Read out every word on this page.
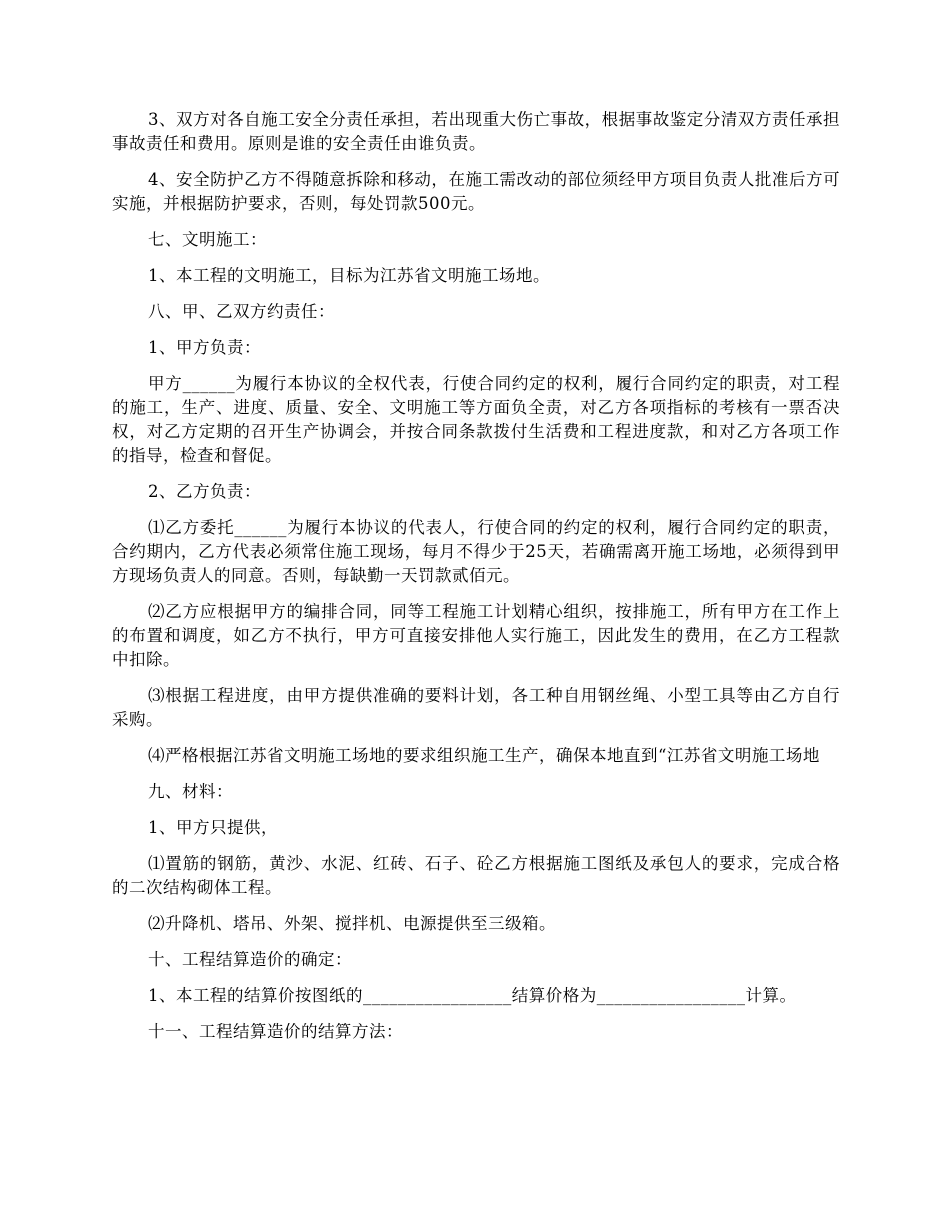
3、双方对各自施工安全分责任承担，若出现重大伤亡事故，根据事故鉴定分清双方责任承担事故责任和费用。原则是谁的安全责任由谁负责。

4、安全防护乙方不得随意拆除和移动，在施工需改动的部位须经甲方项目负责人批准后方可实施，并根据防护要求，否则，每处罚款500元。

七、文明施工：

1、本工程的文明施工，目标为江苏省文明施工场地。

八、甲、乙双方约责任：

1、甲方负责：

甲方______为履行本协议的全权代表，行使合同约定的权利，履行合同约定的职责，对工程的施工，生产、进度、质量、安全、文明施工等方面负全责，对乙方各项指标的考核有一票否决权，对乙方定期的召开生产协调会，并按合同条款拨付生活费和工程进度款，和对乙方各项工作的指导，检查和督促。

2、乙方负责：

⑴乙方委托______为履行本协议的代表人，行使合同的约定的权利，履行合同约定的职责，合约期内，乙方代表必须常住施工现场，每月不得少于25天，若确需离开施工场地，必须得到甲方现场负责人的同意。否则，每缺勤一天罚款贰佰元。

⑵乙方应根据甲方的编排合同，同等工程施工计划精心组织，按排施工，所有甲方在工作上的布置和调度，如乙方不执行，甲方可直接安排他人实行施工，因此发生的费用，在乙方工程款中扣除。

⑶根据工程进度，由甲方提供准确的要料计划，各工种自用钢丝绳、小型工具等由乙方自行采购。

⑷严格根据江苏省文明施工场地的要求组织施工生产，确保本地直到“江苏省文明施工场地

九、材料：

1、甲方只提供，

⑴置筋的钢筋，黄沙、水泥、红砖、石子、砼乙方根据施工图纸及承包人的要求，完成合格的二次结构砌体工程。

⑵升降机、塔吊、外架、搅拌机、电源提供至三级箱。

十、工程结算造价的确定：

1、本工程的结算价按图纸的_________________结算价格为_________________计算。

十一、工程结算造价的结算方法：
